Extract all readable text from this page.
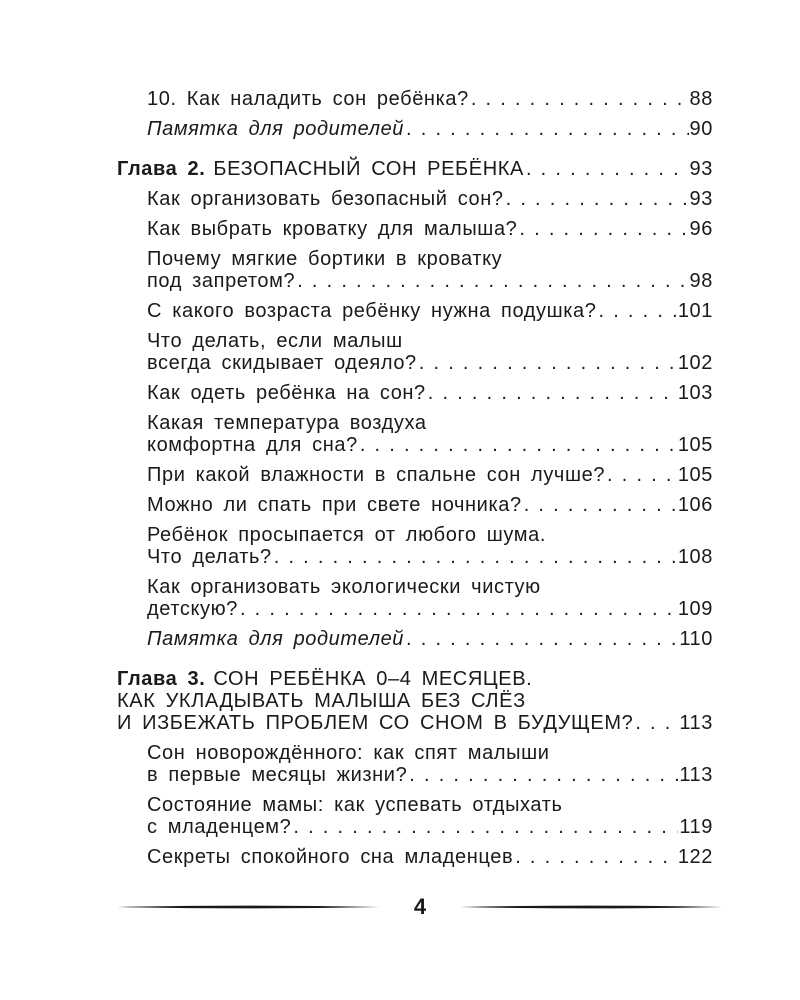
10. Как наладить сон ребёнка? . . .	88
Памятка для родителей . . .	90
Глава 2. БЕЗОПАСНЫЙ СОН РЕБЁНКА . . .	93
Как организовать безопасный сон? . . .	93
Как выбрать кроватку для малыша? . . .	96
Почему мягкие бортики в кроватку
под запретом? . . .	98
С какого возраста ребёнку нужна подушка? . . .	101
Что делать, если малыш
всегда скидывает одеяло? . . .	102
Как одеть ребёнка на сон? . . .	103
Какая температура воздуха
комфортна для сна? . . .	105
При какой влажности в спальне сон лучше? . . .	105
Можно ли спать при свете ночника? . . .	106
Ребёнок просыпается от любого шума.
Что делать? . . .	108
Как организовать экологически чистую
детскую? . . .	109
Памятка для родителей . . .	110
Глава 3. СОН РЕБЁНКА 0–4 МЕСЯЦЕВ.
КАК УКЛАДЫВАТЬ МАЛЫША БЕЗ СЛЁЗ
И ИЗБЕЖАТЬ ПРОБЛЕМ СО СНОМ В БУДУЩЕМ? . . . 113
Сон новорождённого: как спят малыши
в первые месяцы жизни? . . .	113
Состояние мамы: как успевать отдыхать
с младенцем? . . .	119
Секреты спокойного сна младенцев . . .	122
4
